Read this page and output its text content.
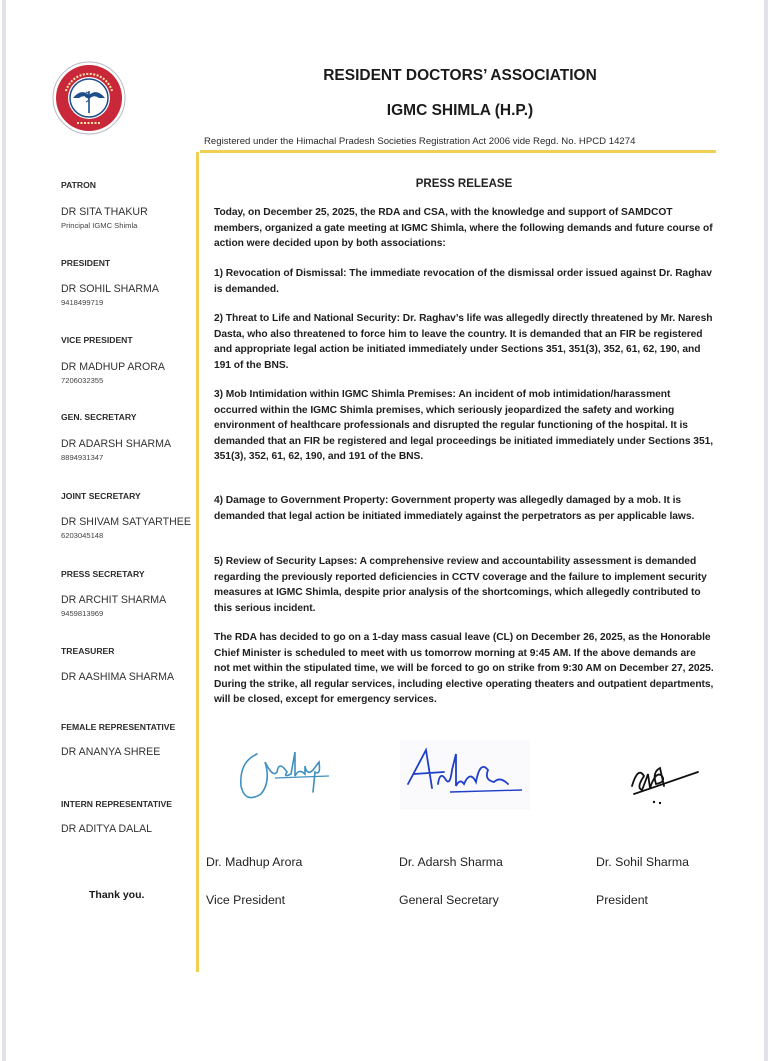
RESIDENT DOCTORS’ ASSOCIATION
IGMC SHIMLA (H.P.)
Registered under the Himachal Pradesh Societies Registration Act 2006 vide Regd. No. HPCD 14274
PATRON
DR SITA THAKUR
Principal IGMC Shimla
PRESIDENT
DR SOHIL SHARMA
9418499719
VICE PRESIDENT
DR MADHUP ARORA
7206032355
GEN. SECRETARY
DR ADARSH SHARMA
8894931347
JOINT SECRETARY
DR SHIVAM SATYARTHEE
6203045148
PRESS SECRETARY
DR ARCHIT SHARMA
9459813969
TREASURER
DR AASHIMA SHARMA
FEMALE REPRESENTATIVE
DR ANANYA SHREE
INTERN REPRESENTATIVE
DR ADITYA DALAL
Thank you.
PRESS RELEASE
Today, on December 25, 2025, the RDA and CSA, with the knowledge and support of SAMDCOT members, organized a gate meeting at IGMC Shimla, where the following demands and future course of action were decided upon by both associations:
1) Revocation of Dismissal: The immediate revocation of the dismissal order issued against Dr. Raghav is demanded.
2) Threat to Life and National Security: Dr. Raghav’s life was allegedly directly threatened by Mr. Naresh Dasta, who also threatened to force him to leave the country. It is demanded that an FIR be registered and appropriate legal action be initiated immediately under Sections 351, 351(3), 352, 61, 62, 190, and 191 of the BNS.
3) Mob Intimidation within IGMC Shimla Premises: An incident of mob intimidation/harassment occurred within the IGMC Shimla premises, which seriously jeopardized the safety and working environment of healthcare professionals and disrupted the regular functioning of the hospital. It is demanded that an FIR be registered and legal proceedings be initiated immediately under Sections 351, 351(3), 352, 61, 62, 190, and 191 of the BNS.
4) Damage to Government Property: Government property was allegedly damaged by a mob. It is demanded that legal action be initiated immediately against the perpetrators as per applicable laws.
5) Review of Security Lapses: A comprehensive review and accountability assessment is demanded regarding the previously reported deficiencies in CCTV coverage and the failure to implement security measures at IGMC Shimla, despite prior analysis of the shortcomings, which allegedly contributed to this serious incident.
The RDA has decided to go on a 1-day mass casual leave (CL) on December 26, 2025, as the Honorable Chief Minister is scheduled to meet with us tomorrow morning at 9:45 AM. If the above demands are not met within the stipulated time, we will be forced to go on strike from 9:30 AM on December 27, 2025. During the strike, all regular services, including elective operating theaters and outpatient departments, will be closed, except for emergency services.
Dr. Madhup Arora
Vice President
Dr. Adarsh Sharma
General Secretary
Dr. Sohil Sharma
President
